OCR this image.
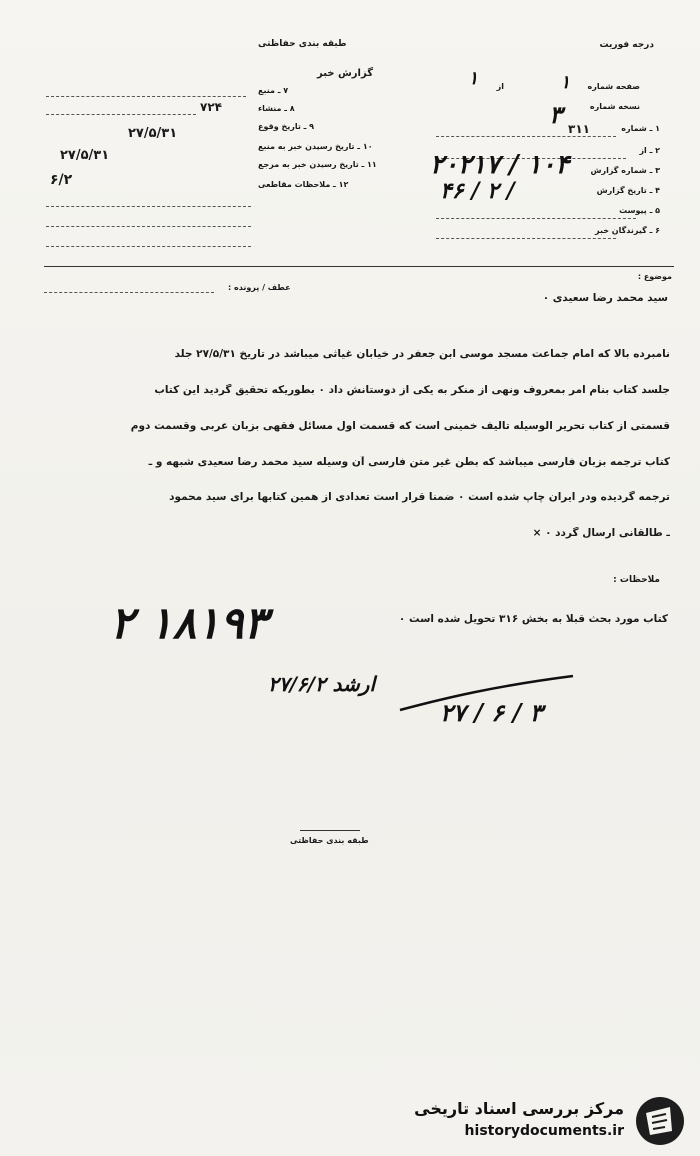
درجه فوریت
طبقه بندی حفاظتی
گزارش خبر
صفحه شماره
۱
از
۱
نسخه شماره
۳	۱ ـ شماره
۳۱۱
۲ ـ از
۳ ـ شماره گزارش
۲۰۲۱۷ / ۱۰۴
۴ ـ تاریخ گزارش
۴۶ / ۲ /
۵ ـ پیوست
۶ ـ گیرندگان خبر
۷ ـ منبع
۸ ـ منشاء
۷۲۴
۹ ـ تاریخ وقوع
۲۷/۵/۳۱
۱۰ ـ تاریخ رسیدن خبر به منبع
۱۱ ـ تاریخ رسیدن خبر به مرجع
۲۷/۵/۳۱
۱۲ ـ ملاحظات مقاطعی
۶/۲
موضوع :
عطف / پرونده :
سید محمد رضا سعیدی ۰
نامبرده بالا که امام جماعت مسجد موسی ابن جعفر در خیابان غیاثی میباشد در تاریخ ۲۷/۵/۳۱ جلد
جلسد کتاب بنام امر بمعروف ونهی از منکر به یکی از دوستانش داد ۰ بطوریکه تحقیق گردید این کتاب
قسمتی از کتاب تحریر الوسیله تالیف خمینی است که قسمت اول مسائل فقهی بزبان عربی وقسمت دوم
کتاب ترجمه بزبان فارسی میباشد که بطن غیر متن فارسی آن وسیله سید محمد رضا سعیدی شبهه و ـ
ترجمه گردیده ودر ایران چاپ شده است ۰ ضمنا قرار است تعدادی از همین کتابها برای سید محمود
ـ طالقانی ارسال گردد ۰ ×
ملاحظات :
کتاب مورد بحث قبلا به بخش ۳۱۶ تحویل شده است ۰
۲ ۱۸۱۹۳
ارشد ۲۷/۶/۲
۲۷ / ۶ / ۳
طبقه بندی حفاظتی
مرکز بررسی اسناد تاریخی
historydocuments.ir
